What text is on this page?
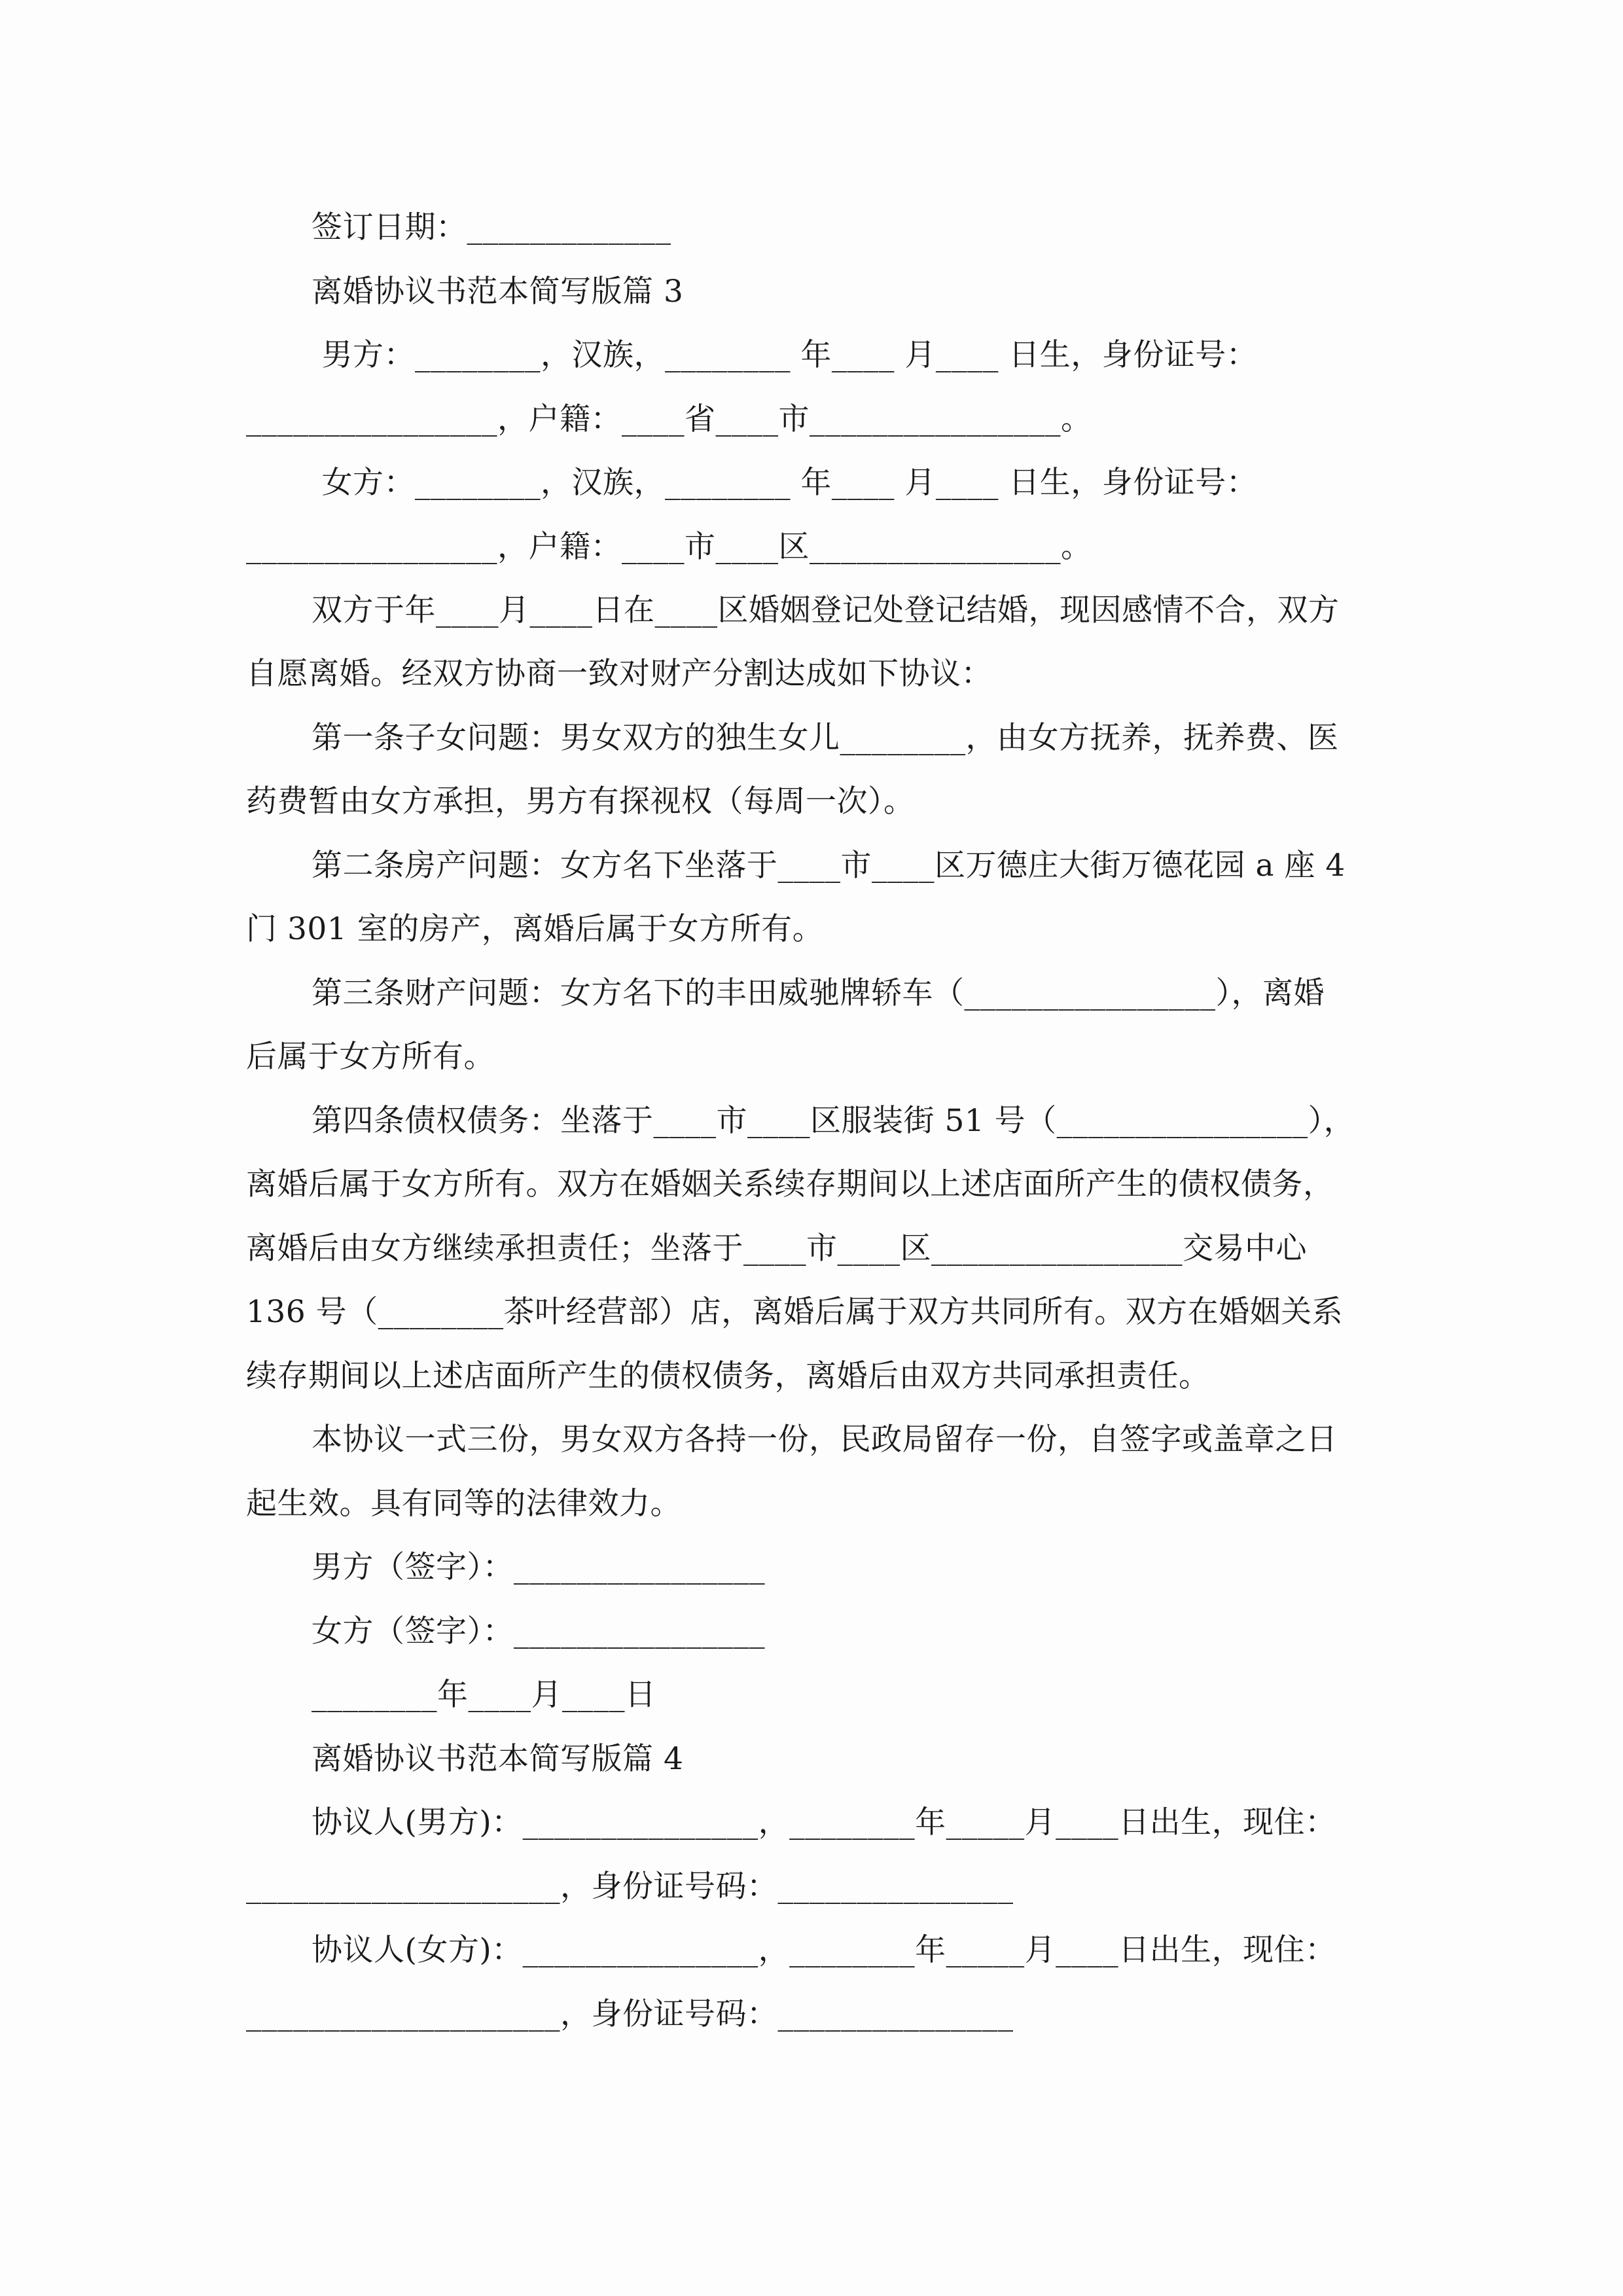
签订日期：_____________
离婚协议书范本简写版篇 3
男方：________，汉族，________ 年____ 月____ 日生，身份证号：
________________，户籍：____省____市________________。
女方：________，汉族，________ 年____ 月____ 日生，身份证号：
________________，户籍：____市____区________________。
双方于年____月____日在____区婚姻登记处登记结婚，现因感情不合，双方
自愿离婚。经双方协商一致对财产分割达成如下协议：
第一条子女问题：男女双方的独生女儿________，由女方抚养，抚养费、医
药费暂由女方承担，男方有探视权（每周一次）。
第二条房产问题：女方名下坐落于____市____区万德庄大街万德花园 a 座 4
门 301 室的房产，离婚后属于女方所有。
第三条财产问题：女方名下的丰田威驰牌轿车（________________），离婚
后属于女方所有。
第四条债权债务：坐落于____市____区服装街 51 号（________________），
离婚后属于女方所有。双方在婚姻关系续存期间以上述店面所产生的债权债务，
离婚后由女方继续承担责任；坐落于____市____区________________交易中心
136 号（________茶叶经营部）店，离婚后属于双方共同所有。双方在婚姻关系
续存期间以上述店面所产生的债权债务，离婚后由双方共同承担责任。
本协议一式三份，男女双方各持一份，民政局留存一份，自签字或盖章之日
起生效。具有同等的法律效力。
男方（签字）：________________
女方（签字）：________________
________年____月____日
离婚协议书范本简写版篇 4
协议人(男方)：_______________，________年_____月____日出生，现住：
____________________，身份证号码：_______________
协议人(女方)：_______________，________年_____月____日出生，现住：
____________________，身份证号码：_______________
